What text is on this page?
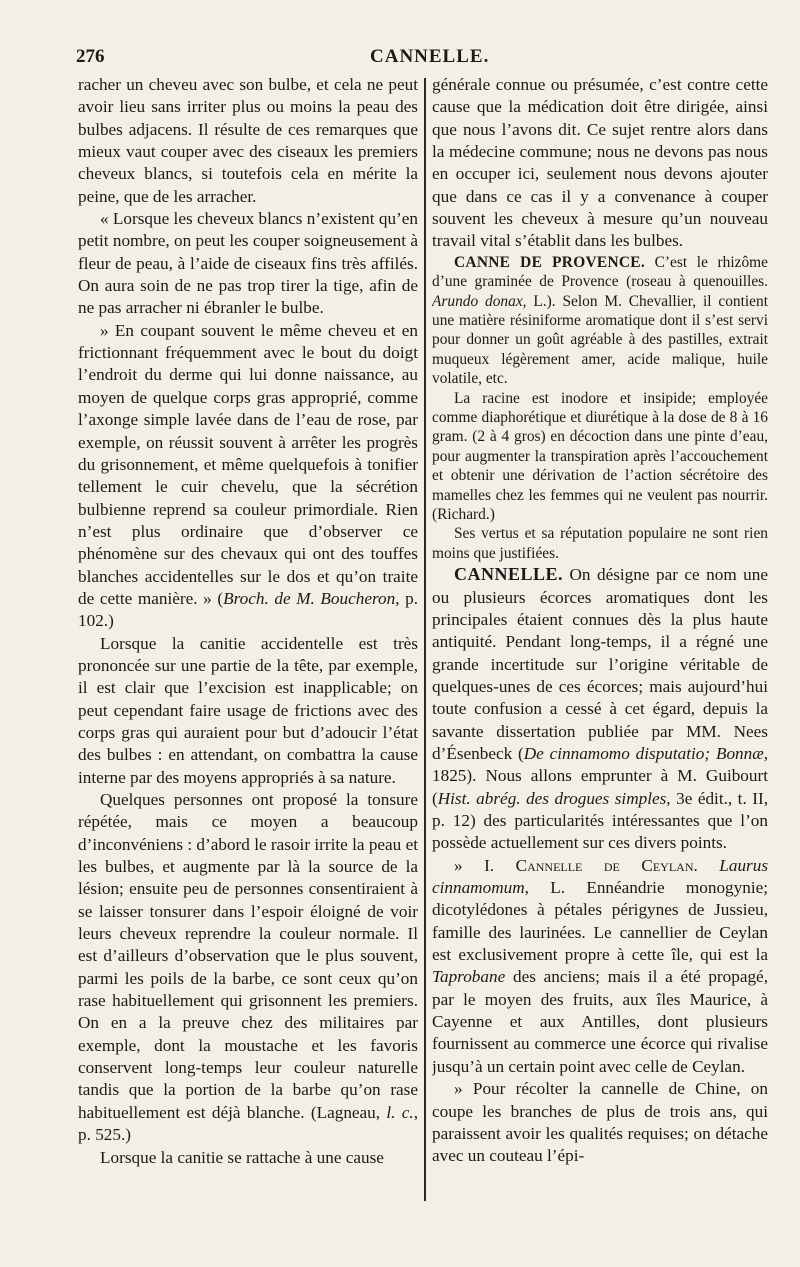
276	CANNELLE.

racher un cheveu avec son bulbe, et cela ne peut avoir lieu sans irriter plus ou moins la peau des bulbes adjacens. Il résulte de ces remarques que mieux vaut couper avec des ciseaux les premiers cheveux blancs, si toutefois cela en mérite la peine, que de les arracher.

« Lorsque les cheveux blancs n’existent qu’en petit nombre, on peut les couper soigneusement à fleur de peau, à l’aide de ciseaux fins très affilés. On aura soin de ne pas trop tirer la tige, afin de ne pas arracher ni ébranler le bulbe.

» En coupant souvent le même cheveu et en frictionnant fréquemment avec le bout du doigt l’endroit du derme qui lui donne naissance, au moyen de quelque corps gras approprié, comme l’axonge simple lavée dans de l’eau de rose, par exemple, on réussit souvent à arrêter les progrès du grisonnement, et même quelquefois à tonifier tellement le cuir chevelu, que la sécrétion bulbienne reprend sa couleur primordiale. Rien n’est plus ordinaire que d’observer ce phénomène sur des chevaux qui ont des touffes blanches accidentelles sur le dos et qu’on traite de cette manière. » (Broch. de M. Boucheron, p. 102.)

Lorsque la canitie accidentelle est très prononcée sur une partie de la tête, par exemple, il est clair que l’excision est inapplicable; on peut cependant faire usage de frictions avec des corps gras qui auraient pour but d’adoucir l’état des bulbes : en attendant, on combattra la cause interne par des moyens appropriés à sa nature.

Quelques personnes ont proposé la tonsure répétée, mais ce moyen a beaucoup d’inconvéniens : d’abord le rasoir irrite la peau et les bulbes, et augmente par là la source de la lésion; ensuite peu de personnes consentiraient à se laisser tonsurer dans l’espoir éloigné de voir leurs cheveux reprendre la couleur normale. Il est d’ailleurs d’observation que le plus souvent, parmi les poils de la barbe, ce sont ceux qu’on rase habituellement qui grisonnent les premiers. On en a la preuve chez des militaires par exemple, dont la moustache et les favoris conservent long-temps leur couleur naturelle tandis que la portion de la barbe qu’on rase habituellement est déjà blanche. (Lagneau, l. c., p. 525.)

Lorsque la canitie se rattache à une cause

générale connue ou présumée, c’est contre cette cause que la médication doit être dirigée, ainsi que nous l’avons dit. Ce sujet rentre alors dans la médecine commune; nous ne devons pas nous en occuper ici, seulement nous devons ajouter que dans ce cas il y a convenance à couper souvent les cheveux à mesure qu’un nouveau travail vital s’établit dans les bulbes.

CANNE DE PROVENCE. C’est le rhizôme d’une graminée de Provence (roseau à quenouilles. Arundo donax, L.). Selon M. Chevallier, il contient une matière résiniforme aromatique dont il s’est servi pour donner un goût agréable à des pastilles, extrait muqueux légèrement amer, acide malique, huile volatile, etc.

La racine est inodore et insipide; employée comme diaphorétique et diurétique à la dose de 8 à 16 gram. (2 à 4 gros) en décoction dans une pinte d’eau, pour augmenter la transpiration après l’accouchement et obtenir une dérivation de l’action sécrétoire des mamelles chez les femmes qui ne veulent pas nourrir. (Richard.)

Ses vertus et sa réputation populaire ne sont rien moins que justifiées.

CANNELLE. On désigne par ce nom une ou plusieurs écorces aromatiques dont les principales étaient connues dès la plus haute antiquité. Pendant long-temps, il a régné une grande incertitude sur l’origine véritable de quelques-unes de ces écorces; mais aujourd’hui toute confusion a cessé à cet égard, depuis la savante dissertation publiée par MM. Nees d’Ésenbeck (De cinnamomo disputatio; Bonnæ, 1825). Nous allons emprunter à M. Guibourt (Hist. abrég. des drogues simples, 3e édit., t. II, p. 12) des particularités intéressantes que l’on possède actuellement sur ces divers points.

» I. Cannelle de Ceylan. Laurus cinnamomum, L. Ennéandrie monogynie; dicotylédones à pétales périgynes de Jussieu, famille des laurinées. Le cannellier de Ceylan est exclusivement propre à cette île, qui est la Taprobane des anciens; mais il a été propagé, par le moyen des fruits, aux îles Maurice, à Cayenne et aux Antilles, dont plusieurs fournissent au commerce une écorce qui rivalise jusqu’à un certain point avec celle de Ceylan.

» Pour récolter la cannelle de Chine, on coupe les branches de plus de trois ans, qui paraissent avoir les qualités requises; on détache avec un couteau l’épi-
